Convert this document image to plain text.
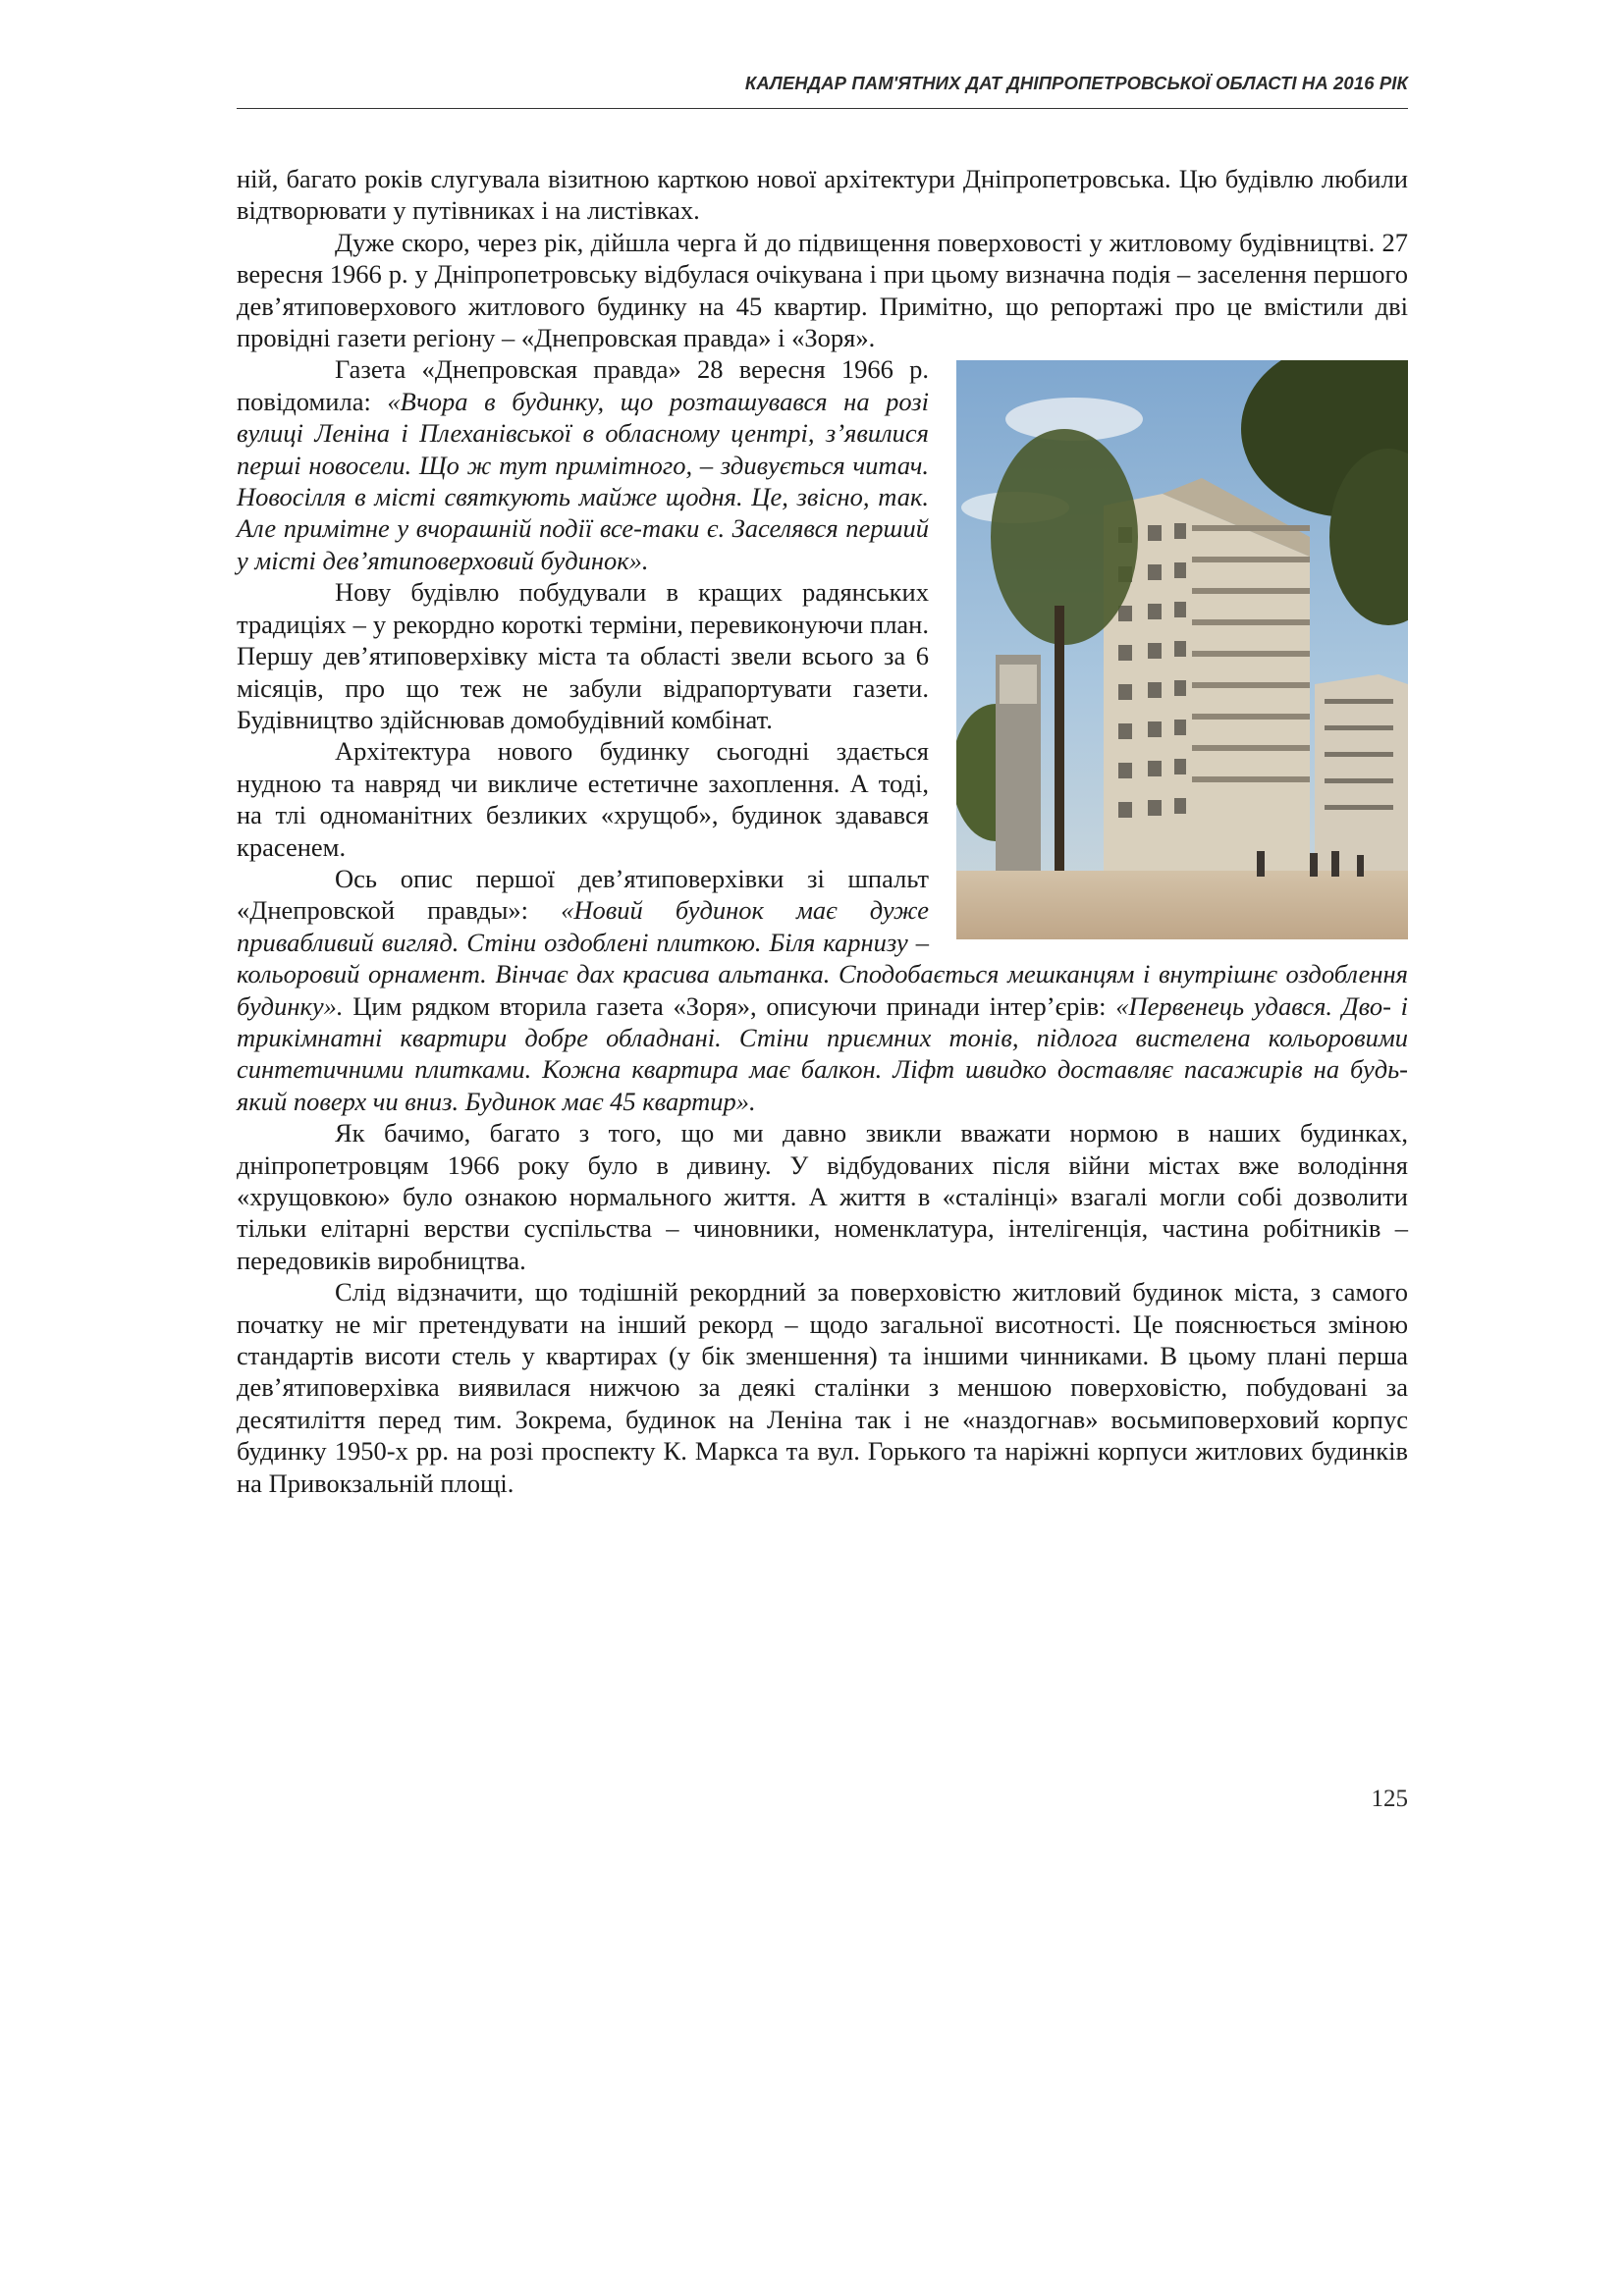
КАЛЕНДАР ПАМ'ЯТНИХ ДАТ ДНІПРОПЕТРОВСЬКОЇ ОБЛАСТІ НА 2016 РІК

ній, багато років слугувала візитною карткою нової архітектури Дніпропетровська. Цю будівлю любили відтворювати у путівниках і на листівках.

Дуже скоро, через рік, дійшла черга й до підвищення поверховості у житловому будівництві. 27 вересня 1966 р. у Дніпропетровську відбулася очікувана і при цьому визначна подія – заселення першого дев’ятиповерхового житлового будинку на 45 квартир. Примітно, що репортажі про це вмістили дві провідні газети регіону – «Днепровская правда» і «Зоря».

Газета «Днепровская правда» 28 вересня 1966 р. повідомила: «Вчора в будинку, що розташувався на розі вулиці Леніна і Плеханівської в обласному центрі, з’явилися перші новосели. Що ж тут примітного, – здивується читач. Новосілля в місті святкують майже щодня. Це, звісно, так. Але примітне у вчорашній події все-таки є. Заселявся перший у місті дев’ятиповерховий будинок».

Нову будівлю побудували в кращих радянських традиціях – у рекордно короткі терміни, перевиконуючи план. Першу дев’ятиповерхівку міста та області звели всього за 6 місяців, про що теж не забули відрапортувати газети. Будівництво здійснював домобудівний комбінат.

Архітектура нового будинку сьогодні здається нудною та навряд чи викличе естетичне захоплення. А тоді, на тлі одноманітних безликих «хрущоб», будинок здавався красенем.

Ось опис першої дев’ятиповерхівки зі шпальт «Днепровской правды»: «Новий будинок має дуже привабливий вигляд. Стіни оздоблені плиткою. Біля карнизу – кольоровий орнамент. Вінчає дах красива альтанка. Сподобається мешканцям і внутрішнє оздоблення будинку». Цим рядком вторила газета «Зоря», описуючи принади інтер’єрів: «Первенець удався. Дво- і трикімнатні квартири добре обладнані. Стіни приємних тонів, підлога вистелена кольоровими синтетичними плитками. Кожна квартира має балкон. Ліфт швидко доставляє пасажирів на будь-який поверх чи вниз. Будинок має 45 квартир».

Як бачимо, багато з того, що ми давно звикли вважати нормою в наших будинках, дніпропетровцям 1966 року було в дивину. У відбудованих після війни містах вже володіння «хрущовкою» було ознакою нормального життя. А життя в «сталінці» взагалі могли собі дозволити тільки елітарні верстви суспільства – чиновники, номенклатура, інтелігенція, частина робітників – передовиків виробництва.

Слід відзначити, що тодішній рекордний за поверховістю житловий будинок міста, з самого початку не міг претендувати на інший рекорд – щодо загальної висотності. Це пояснюється зміною стандартів висоти стель у квартирах (у бік зменшення) та іншими чинниками. В цьому плані перша дев’ятиповерхівка виявилася нижчою за деякі сталінки з меншою поверховістю, побудовані за десятиліття перед тим. Зокрема, будинок на Леніна так і не «наздогнав» восьмиповерховий корпус будинку 1950-х рр. на розі проспекту К. Маркса та вул. Горького та наріжні корпуси житлових будинків на Привокзальній площі.

125
